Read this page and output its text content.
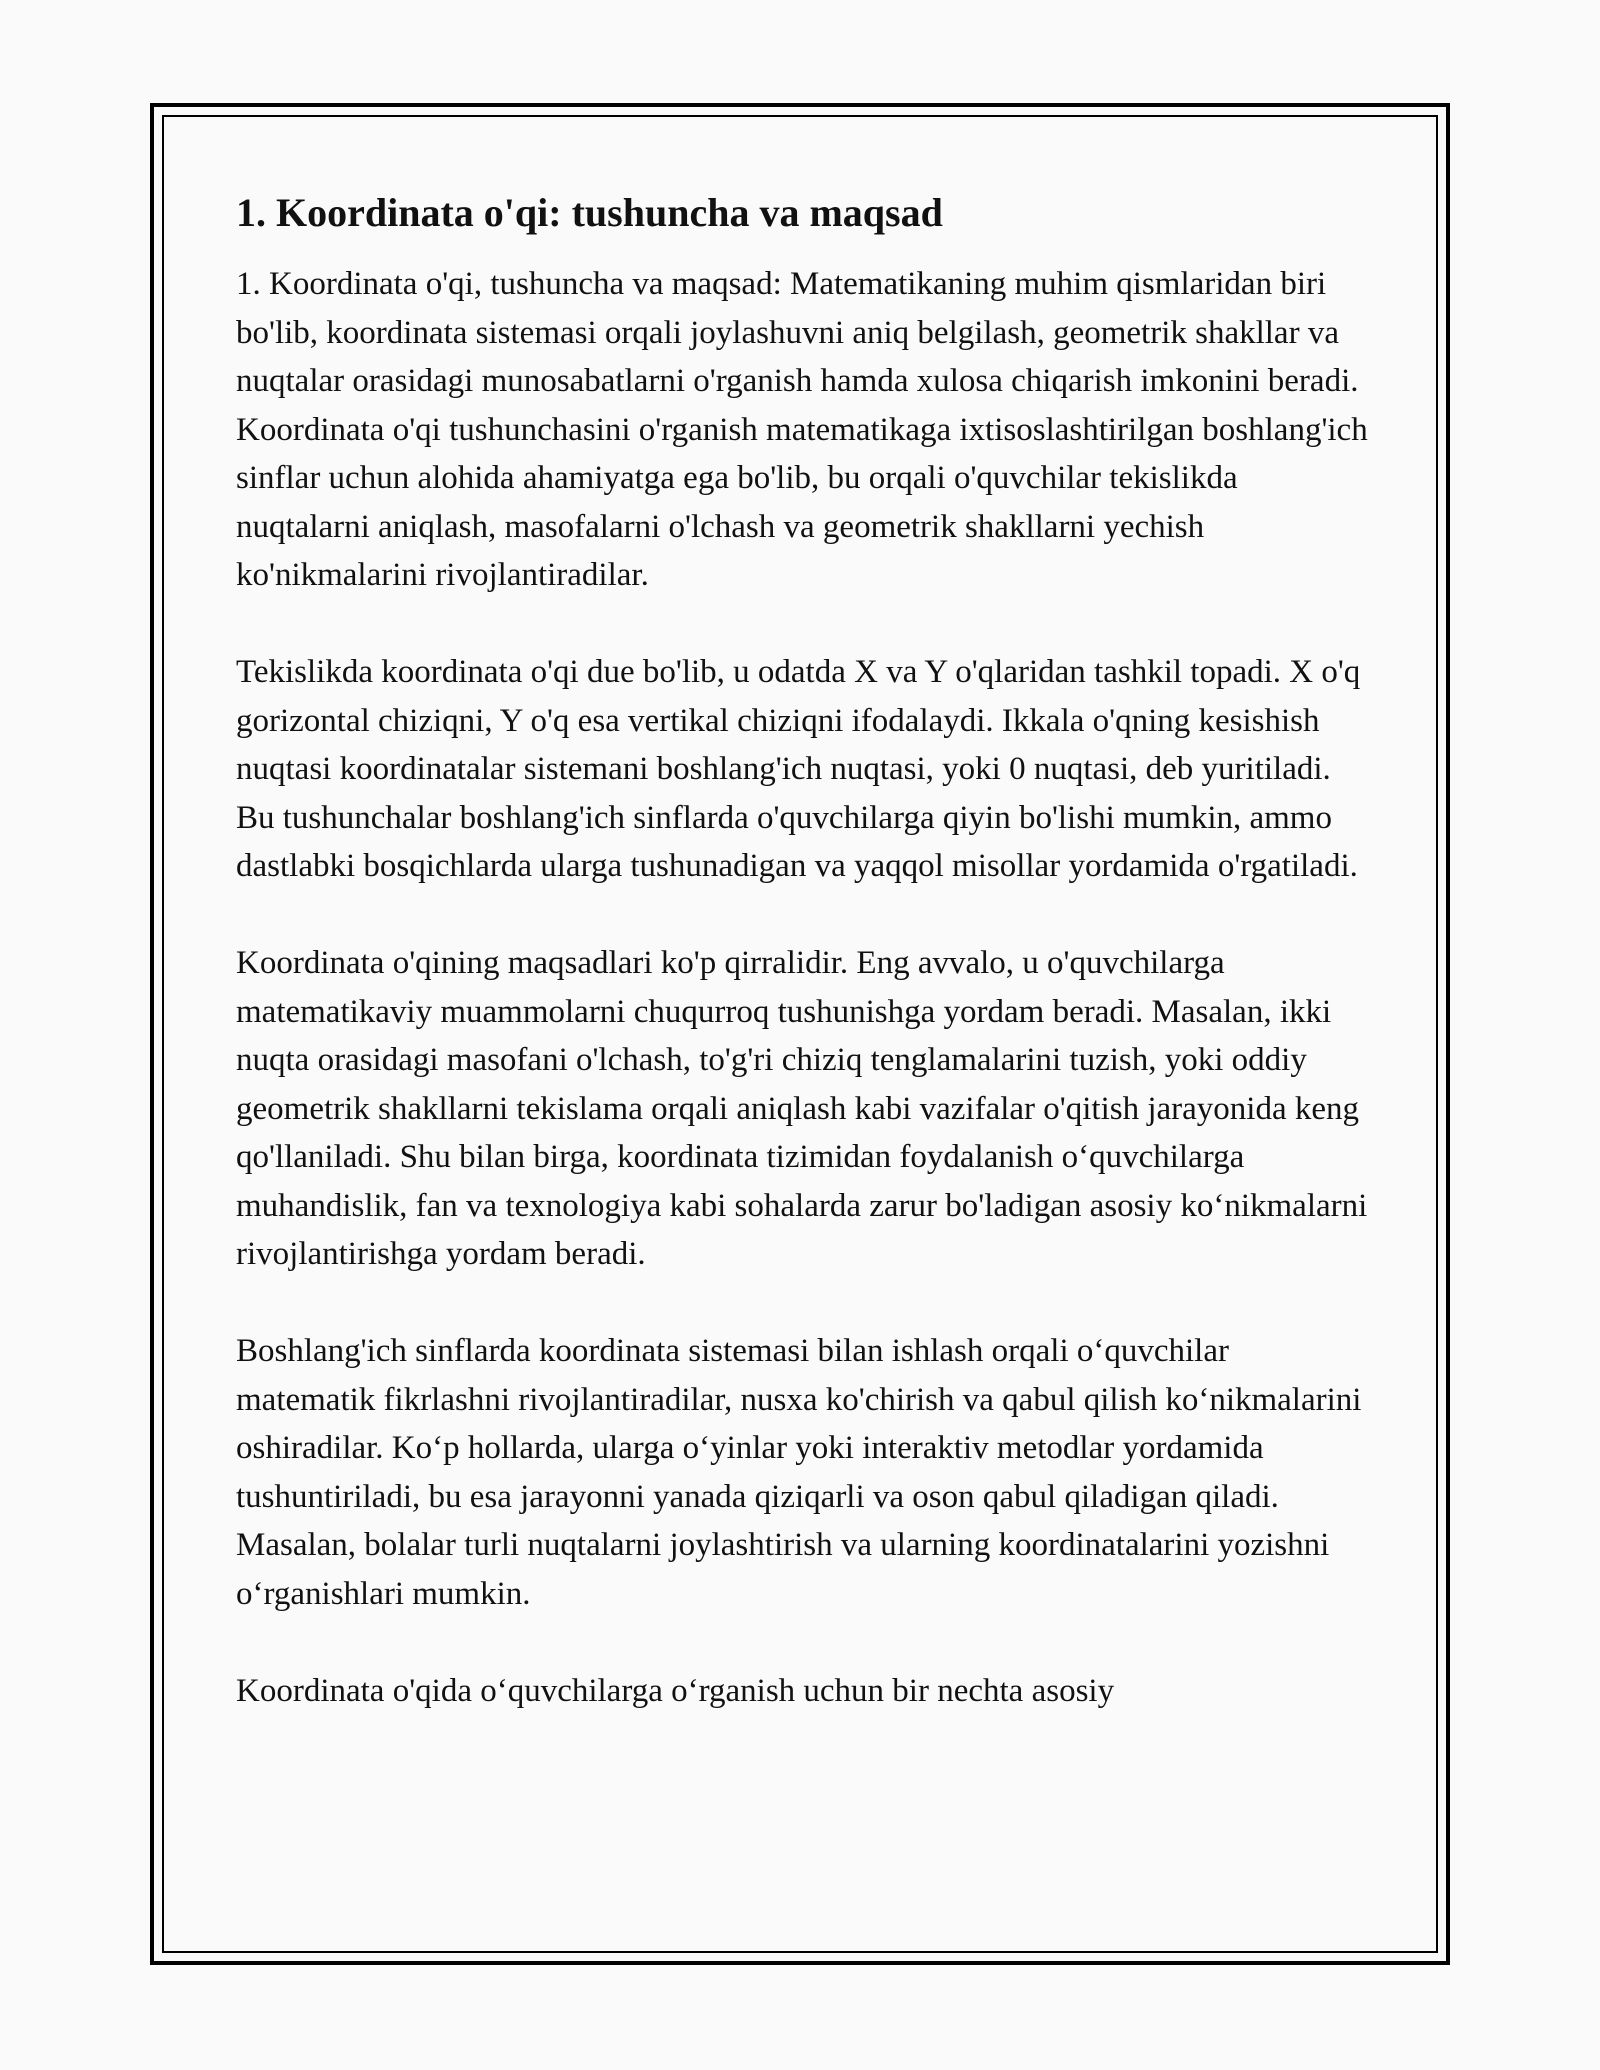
1. Koordinata o'qi: tushuncha va maqsad

1. Koordinata o'qi, tushuncha va maqsad: Matematikaning muhim qismlaridan biri bo'lib, koordinata sistemasi orqali joylashuvni aniq belgilash, geometrik shakllar va nuqtalar orasidagi munosabatlarni o'rganish hamda xulosa chiqarish imkonini beradi. Koordinata o'qi tushunchasini o'rganish matematikaga ixtisoslashtirilgan boshlang'ich sinflar uchun alohida ahamiyatga ega bo'lib, bu orqali o'quvchilar tekislikda nuqtalarni aniqlash, masofalarni o'lchash va geometrik shakllarni yechish ko'nikmalarini rivojlantiradilar.

Tekislikda koordinata o'qi due bo'lib, u odatda X va Y o'qlaridan tashkil topadi. X o'q gorizontal chiziqni, Y o'q esa vertikal chiziqni ifodalaydi. Ikkala o'qning kesishish nuqtasi koordinatalar sistemani boshlang'ich nuqtasi, yoki 0 nuqtasi, deb yuritiladi. Bu tushunchalar boshlang'ich sinflarda o'quvchilarga qiyin bo'lishi mumkin, ammo dastlabki bosqichlarda ularga tushunadigan va yaqqol misollar yordamida o'rgatiladi.

Koordinata o'qining maqsadlari ko'p qirralidir. Eng avvalo, u o'quvchilarga matematikaviy muammolarni chuqurroq tushunishga yordam beradi. Masalan, ikki nuqta orasidagi masofani o'lchash, to'g'ri chiziq tenglamalarini tuzish, yoki oddiy geometrik shakllarni tekislama orqali aniqlash kabi vazifalar o'qitish jarayonida keng qo'llaniladi. Shu bilan birga, koordinata tizimidan foydalanish o‘quvchilarga muhandislik, fan va texnologiya kabi sohalarda zarur bo'ladigan asosiy ko‘nikmalarni rivojlantirishga yordam beradi.

Boshlang'ich sinflarda koordinata sistemasi bilan ishlash orqali o‘quvchilar matematik fikrlashni rivojlantiradilar, nusxa ko'chirish va qabul qilish ko‘nikmalarini oshiradilar. Ko‘p hollarda, ularga o‘yinlar yoki interaktiv metodlar yordamida tushuntiriladi, bu esa jarayonni yanada qiziqarli va oson qabul qiladigan qiladi. Masalan, bolalar turli nuqtalarni joylashtirish va ularning koordinatalarini yozishni o‘rganishlari mumkin.

Koordinata o'qida o‘quvchilarga o‘rganish uchun bir nechta asosiy
